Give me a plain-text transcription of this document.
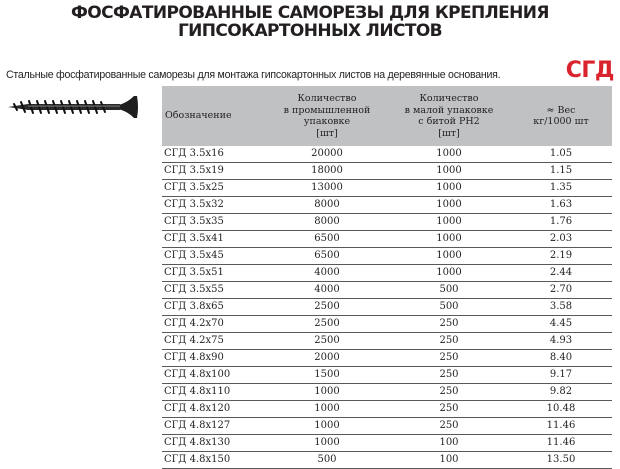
ФОСФАТИРОВАННЫЕ САМОРЕЗЫ ДЛЯ КРЕПЛЕНИЯ
ГИПСОКАРТОННЫХ ЛИСТОВ
Стальные фосфатированные саморезы для монтажа гипсокартонных листов на деревянные основания.	СГД
Обозначение	Количество
в промышленной
упаковке
[шт]	Количество
в малой упаковке
с битой PH2
[шт]	≈ Вес
кг/1000 шт

СГД 3.5х16	20000	1000	1.05
СГД 3.5х19	18000	1000	1.15
СГД 3.5х25	13000	1000	1.35
СГД 3.5х32	8000	1000	1.63
СГД 3.5х35	8000	1000	1.76
СГД 3.5х41	6500	1000	2.03
СГД 3.5х45	6500	1000	2.19
СГД 3.5х51	4000	1000	2.44
СГД 3.5х55	4000	500	2.70
СГД 3.8х65	2500	500	3.58
СГД 4.2х70	2500	250	4.45
СГД 4.2х75	2500	250	4.93
СГД 4.8х90	2000	250	8.40
СГД 4.8х100	1500	250	9.17
СГД 4.8х110	1000	250	9.82
СГД 4.8х120	1000	250	10.48
СГД 4.8х127	1000	250	11.46
СГД 4.8х130	1000	100	11.46
СГД 4.8х150	500	100	13.50
